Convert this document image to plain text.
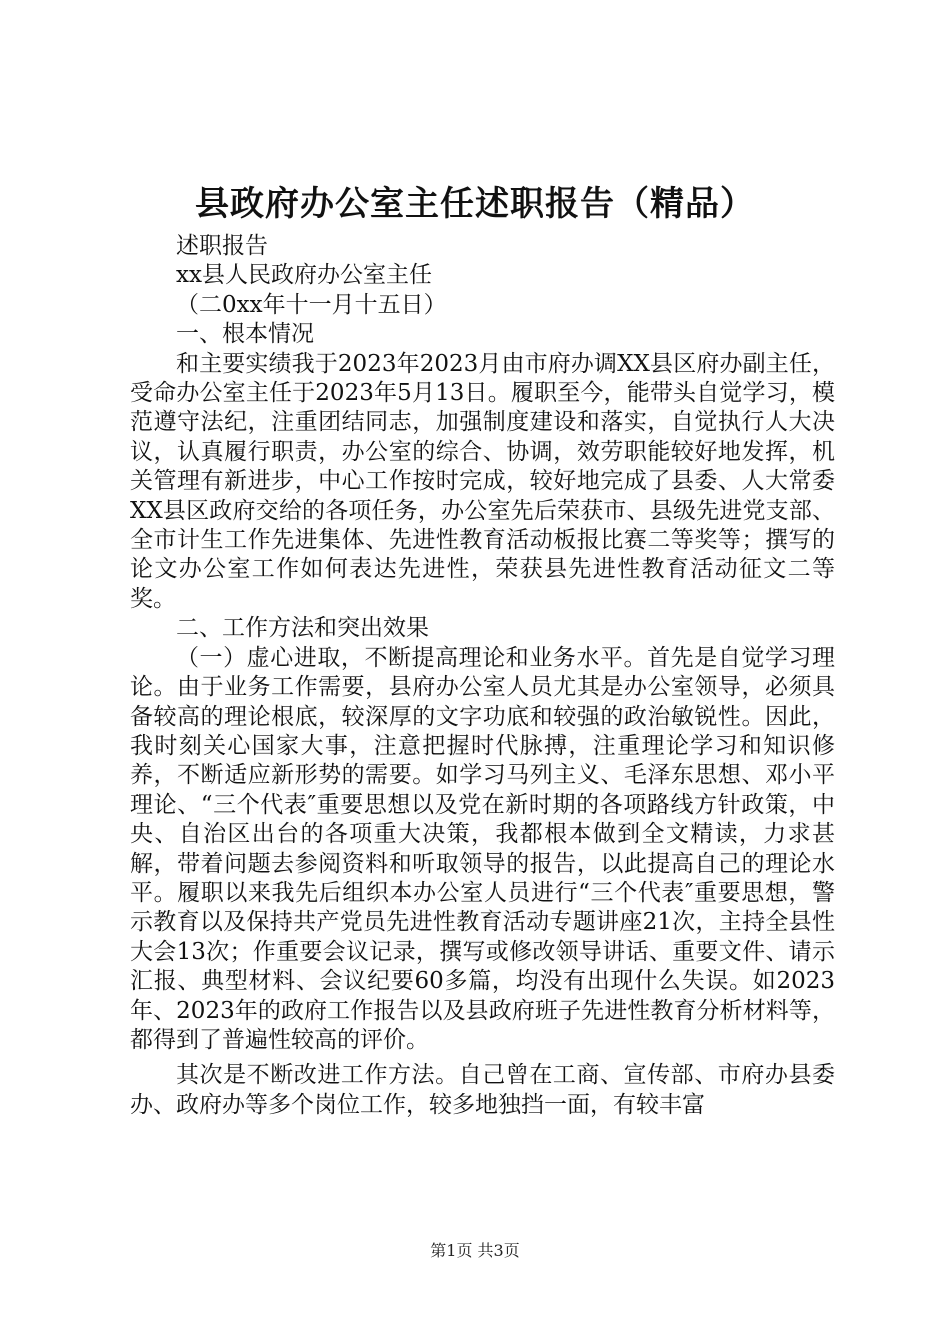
县政府办公室主任述职报告（精品）

述职报告

xx县人民政府办公室主任

（二0xx年十一月十五日）

一、根本情况

和主要实绩我于2023年2023月由市府办调XX县区府办副主任，受命办公室主任于2023年5月13日。履职至今，能带头自觉学习，模范遵守法纪，注重团结同志，加强制度建设和落实，自觉执行人大决议，认真履行职责，办公室的综合、协调，效劳职能较好地发挥，机关管理有新进步，中心工作按时完成，较好地完成了县委、人大常委XX县区政府交给的各项任务，办公室先后荣获市、县级先进党支部、全市计生工作先进集体、先进性教育活动板报比赛二等奖等；撰写的论文办公室工作如何表达先进性，荣获县先进性教育活动征文二等奖。

二、工作方法和突出效果

（一）虚心进取，不断提高理论和业务水平。首先是自觉学习理论。由于业务工作需要，县府办公室人员尤其是办公室领导，必须具备较高的理论根底，较深厚的文字功底和较强的政治敏锐性。因此，我时刻关心国家大事，注意把握时代脉搏，注重理论学习和知识修养，不断适应新形势的需要。如学习马列主义、毛泽东思想、邓小平理论、“三个代表″重要思想以及党在新时期的各项路线方针政策，中央、自治区出台的各项重大决策，我都根本做到全文精读，力求甚解，带着问题去参阅资料和听取领导的报告，以此提高自己的理论水平。履职以来我先后组织本办公室人员进行“三个代表″重要思想，警示教育以及保持共产党员先进性教育活动专题讲座21次，主持全县性大会13次；作重要会议记录，撰写或修改领导讲话、重要文件、请示汇报、典型材料、会议纪要60多篇，均没有出现什么失误。如2023年、2023年的政府工作报告以及县政府班子先进性教育分析材料等，都得到了普遍性较高的评价。

其次是不断改进工作方法。自己曾在工商、宣传部、市府办县委办、政府办等多个岗位工作，较多地独挡一面，有较丰富

第1页 共3页
